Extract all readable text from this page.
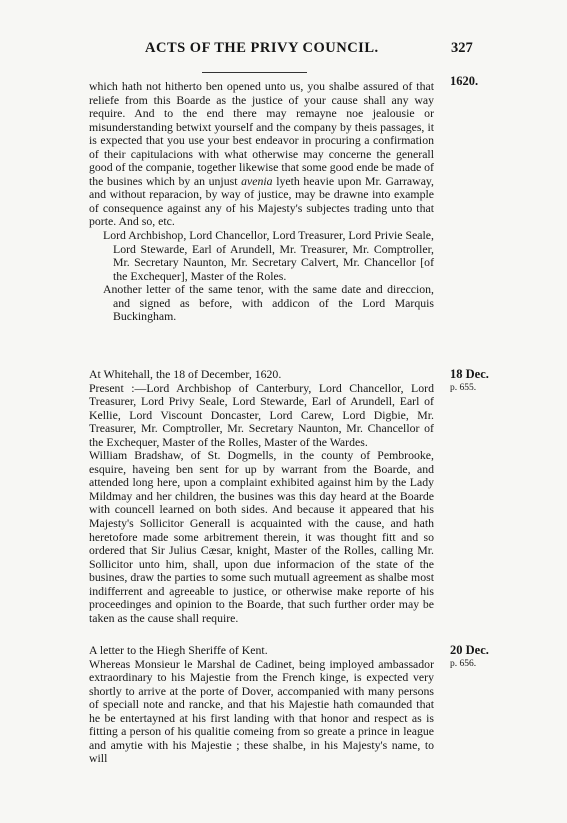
ACTS OF THE PRIVY COUNCIL.	327
1620.

which hath not hitherto ben opened unto us, you shalbe assured of that reliefe from this Boarde as the justice of your cause shall any way require. And to the end there may remayne noe jealousie or misunderstanding betwixt yourself and the company by theis passages, it is expected that you use your best endeavor in procuring a confirmation of their capitulacions with what otherwise may concerne the generall good of the companie, together likewise that some good ende be made of the busines which by an unjust avenia lyeth heavie upon Mr. Garraway, and without reparacion, by way of justice, may be drawne into example of consequence against any of his Majesty's subjectes trading unto that porte. And so, etc.

Lord Archbishop, Lord Chancellor, Lord Treasurer, Lord Privie Seale, Lord Stewarde, Earl of Arundell, Mr. Treasurer, Mr. Comptroller, Mr. Secretary Naunton, Mr. Secretary Calvert, Mr. Chancellor [of the Exchequer], Master of the Roles.

Another letter of the same tenor, with the same date and direccion, and signed as before, with addicon of the Lord Marquis Buckingham.

At Whitehall, the 18 of December, 1620.

Present :—Lord Archbishop of Canterbury, Lord Chancellor, Lord Treasurer, Lord Privy Seale, Lord Stewarde, Earl of Arundell, Earl of Kellie, Lord Viscount Doncaster, Lord Carew, Lord Digbie, Mr. Treasurer, Mr. Comptroller, Mr. Secretary Naunton, Mr. Chancellor of the Exchequer, Master of the Rolles, Master of the Wardes.

William Bradshaw, of St. Dogmells, in the county of Pembrooke, esquire, haveing ben sent for up by warrant from the Boarde, and attended long here, upon a complaint exhibited against him by the Lady Mildmay and her children, the busines was this day heard at the Boarde with councell learned on both sides. And because it appeared that his Majesty's Sollicitor Generall is acquainted with the cause, and hath heretofore made some arbitrement therein, it was thought fitt and so ordered that Sir Julius Cæsar, knight, Master of the Rolles, calling Mr. Sollicitor unto him, shall, upon due informacion of the state of the busines, draw the parties to some such mutuall agreement as shalbe most indifferrent and agreeable to justice, or otherwise make reporte of his proceedinges and opinion to the Boarde, that such further order may be taken as the cause shall require.

18 Dec.
p. 655.

A letter to the Hiegh Sheriffe of Kent.

Whereas Monsieur le Marshal de Cadinet, being imployed ambassador extraordinary to his Majestie from the French kinge, is expected very shortly to arrive at the porte of Dover, accompanied with many persons of speciall note and rancke, and that his Majestie hath comaunded that he be entertayned at his first landing with that honor and respect as is fitting a person of his qualitie comeing from so greate a prince in league and amytie with his Majestie ; these shalbe, in his Majesty's name, to will

20 Dec.
p. 656.
